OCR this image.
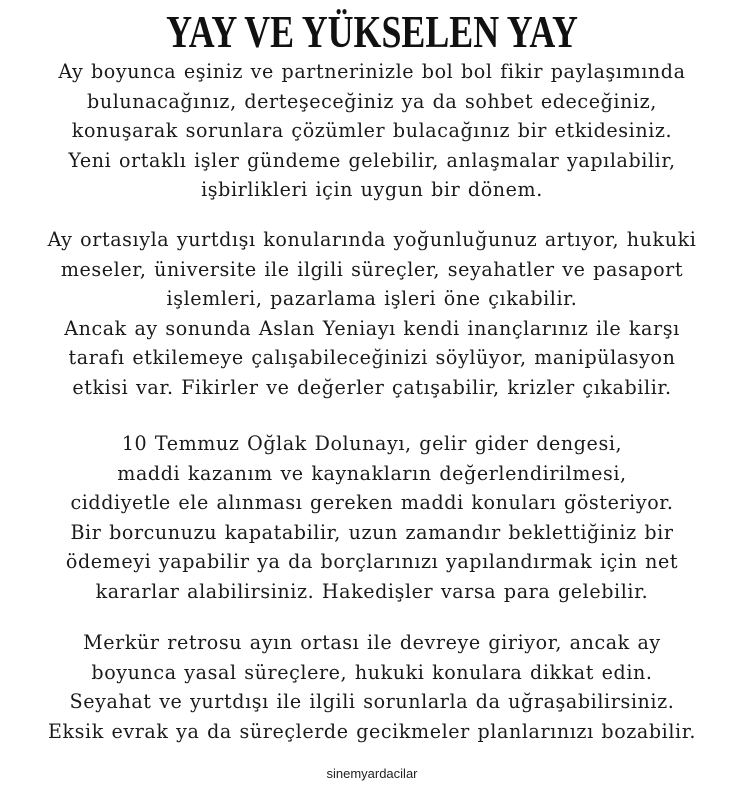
YAY VE YÜKSELEN YAY
Ay boyunca eşiniz ve partnerinizle bol bol fikir paylaşımında
bulunacağınız, derteşeceğiniz ya da sohbet edeceğiniz,
konuşarak sorunlara çözümler bulacağınız bir etkidesiniz.
Yeni ortaklı işler gündeme gelebilir, anlaşmalar yapılabilir,
işbirlikleri için uygun bir dönem.
Ay ortasıyla yurtdışı konularında yoğunluğunuz artıyor, hukuki
meseler, üniversite ile ilgili süreçler, seyahatler ve pasaport
işlemleri, pazarlama işleri öne çıkabilir.
Ancak ay sonunda Aslan Yeniayı kendi inançlarınız ile karşı
tarafı etkilemeye çalışabileceğinizi söylüyor, manipülasyon
etkisi var. Fikirler ve değerler çatışabilir, krizler çıkabilir.
10 Temmuz Oğlak Dolunayı, gelir gider dengesi,
maddi kazanım ve kaynakların değerlendirilmesi,
ciddiyetle ele alınması gereken maddi konuları gösteriyor.
Bir borcunuzu kapatabilir, uzun zamandır beklettiğiniz bir
ödemeyi yapabilir ya da borçlarınızı yapılandırmak için net
kararlar alabilirsiniz. Hakedişler varsa para gelebilir.
Merkür retrosu ayın ortası ile devreye giriyor, ancak ay
boyunca yasal süreçlere, hukuki konulara dikkat edin.
Seyahat ve yurtdışı ile ilgili sorunlarla da uğraşabilirsiniz.
Eksik evrak ya da süreçlerde gecikmeler planlarınızı bozabilir.
sinemyardacilar
